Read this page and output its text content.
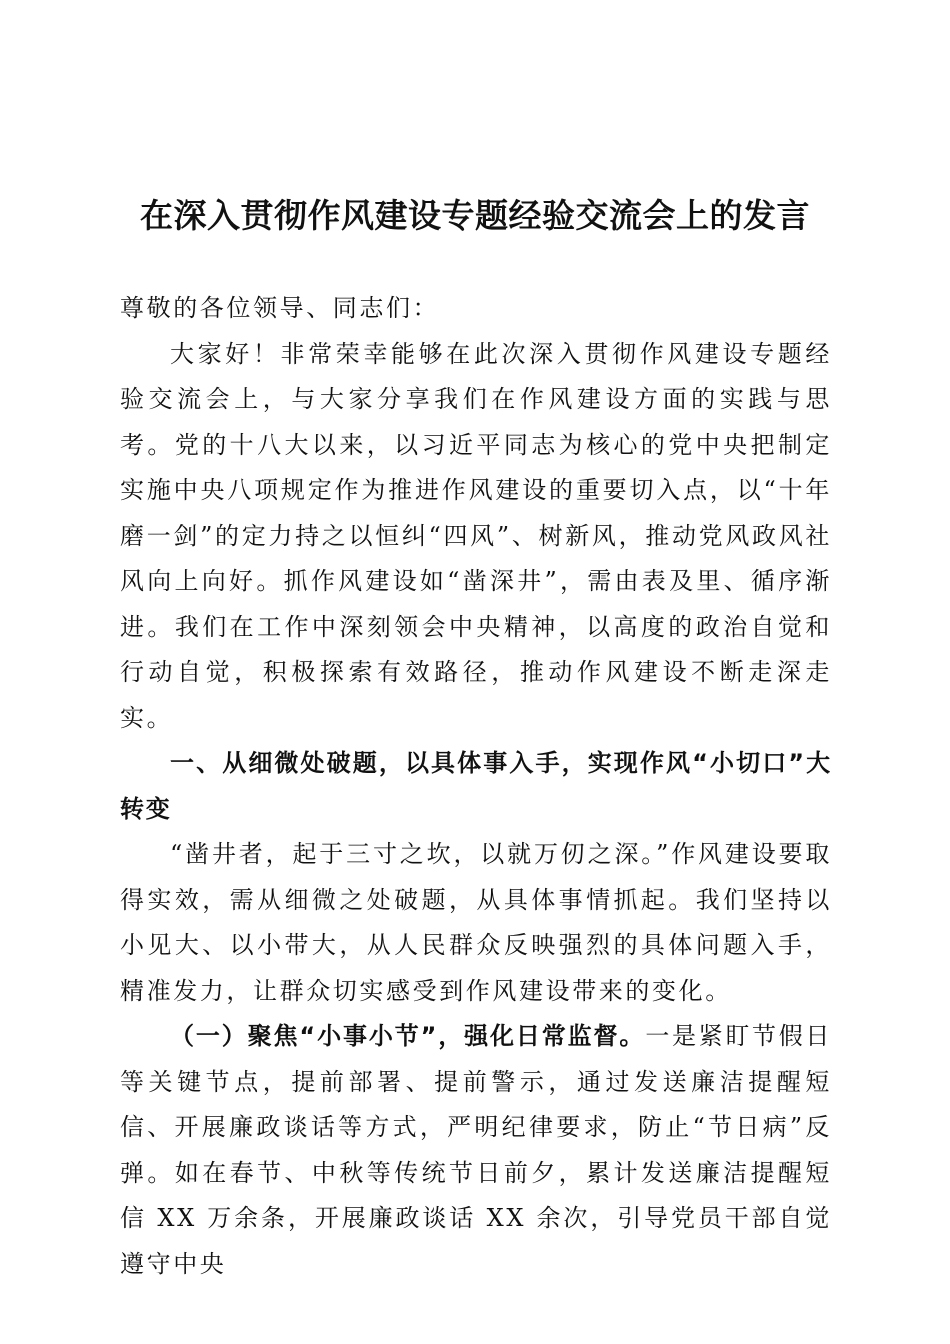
在深入贯彻作风建设专题经验交流会上的发言

尊敬的各位领导、同志们：

大家好！非常荣幸能够在此次深入贯彻作风建设专题经验交流会上，与大家分享我们在作风建设方面的实践与思考。党的十八大以来，以习近平同志为核心的党中央把制定实施中央八项规定作为推进作风建设的重要切入点，以“十年磨一剑”的定力持之以恒纠“四风”、树新风，推动党风政风社风向上向好。抓作风建设如“凿深井”，需由表及里、循序渐进。我们在工作中深刻领会中央精神，以高度的政治自觉和行动自觉，积极探索有效路径，推动作风建设不断走深走实。

一、从细微处破题，以具体事入手，实现作风“小切口”大转变

“凿井者，起于三寸之坎，以就万仞之深。”作风建设要取得实效，需从细微之处破题，从具体事情抓起。我们坚持以小见大、以小带大，从人民群众反映强烈的具体问题入手，精准发力，让群众切实感受到作风建设带来的变化。

（一）聚焦“小事小节”，强化日常监督。一是紧盯节假日等关键节点，提前部署、提前警示，通过发送廉洁提醒短信、开展廉政谈话等方式，严明纪律要求，防止“节日病”反弹。如在春节、中秋等传统节日前夕，累计发送廉洁提醒短信 XX 万余条，开展廉政谈话 XX 余次，引导党员干部自觉遵守中央
